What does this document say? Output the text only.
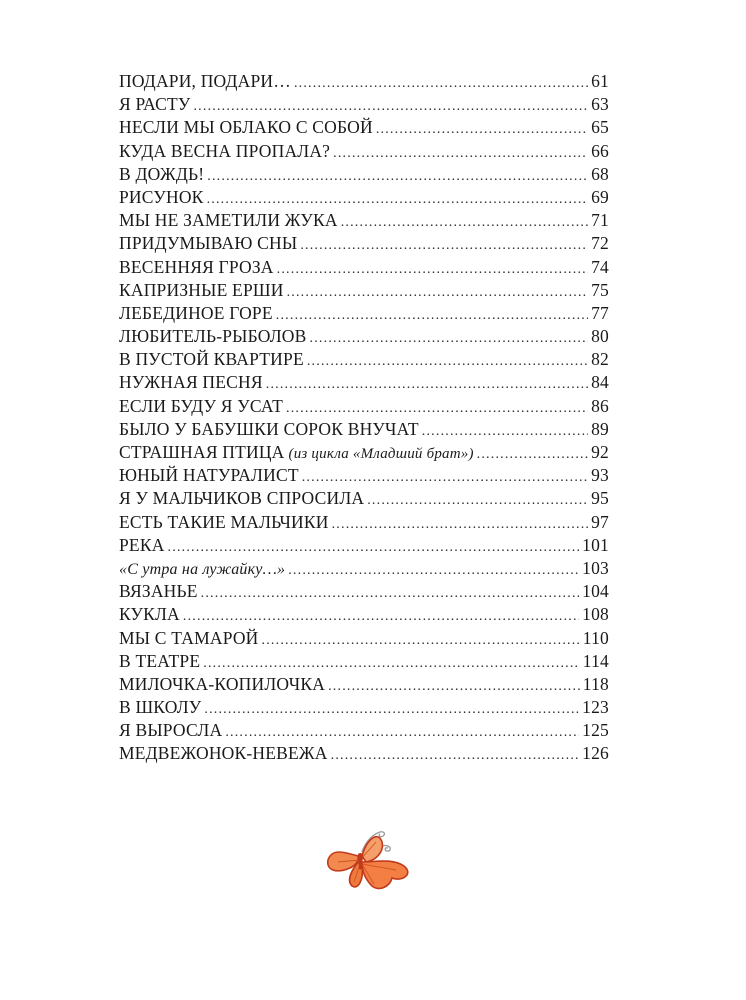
ПОДАРИ, ПОДАРИ… .....	61
Я РАСТУ .....	63
НЕСЛИ МЫ ОБЛАКО С СОБОЙ .....	65
КУДА ВЕСНА ПРОПАЛА? .....	66
В ДОЖДЬ! .....	68
РИСУНОК .....	69
МЫ НЕ ЗАМЕТИЛИ ЖУКА .....	71
ПРИДУМЫВАЮ СНЫ .....	72
ВЕСЕННЯЯ ГРОЗА .....	74
КАПРИЗНЫЕ ЕРШИ .....	75
ЛЕБЕДИНОЕ ГОРЕ .....	77
ЛЮБИТЕЛЬ-РЫБОЛОВ .....	80
В ПУСТОЙ КВАРТИРЕ .....	82
НУЖНАЯ ПЕСНЯ .....	84
ЕСЛИ БУДУ Я УСАТ .....	86
БЫЛО У БАБУШКИ СОРОК ВНУЧАТ .....	89
СТРАШНАЯ ПТИЦА (из цикла «Младший брат») .....	92
ЮНЫЙ НАТУРАЛИСТ .....	93
Я У МАЛЬЧИКОВ СПРОСИЛА .....	95
ЕСТЬ ТАКИЕ МАЛЬЧИКИ .....	97
РЕКА .....	101
«С утра на лужайку…» .....	103
ВЯЗАНЬЕ .....	104
КУКЛА .....	108
МЫ С ТАМАРОЙ .....	110
В ТЕАТРЕ .....	114
МИЛОЧКА-КОПИЛОЧКА .....	118
В ШКОЛУ .....	123
Я ВЫРОСЛА .....	125
МЕДВЕЖОНОК-НЕВЕЖА .....	126
